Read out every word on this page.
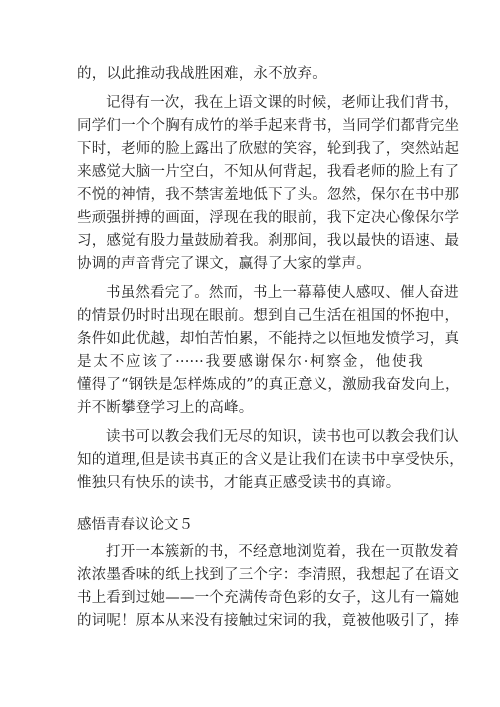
的，以此推动我战胜困难，永不放弃。
记得有一次，我在上语文课的时候，老师让我们背书，
同学们一个个胸有成竹的举手起来背书，当同学们都背完坐
下时，老师的脸上露出了欣慰的笑容，轮到我了，突然站起
来感觉大脑一片空白，不知从何背起，我看老师的脸上有了
不悦的神情，我不禁害羞地低下了头。忽然，保尔在书中那
些顽强拼搏的画面，浮现在我的眼前，我下定决心像保尔学
习，感觉有股力量鼓励着我。刹那间，我以最快的语速、最
协调的声音背完了课文，赢得了大家的掌声。
书虽然看完了。然而，书上一幕幕使人感叹、催人奋进
的情景仍时时出现在眼前。想到自己生活在祖国的怀抱中，
条件如此优越，却怕苦怕累，不能持之以恒地发愤学习，真
是太不应该了······我要感谢保尔·柯察金，他使我
懂得了“钢铁是怎样炼成的”的真正意义，激励我奋发向上，
并不断攀登学习上的高峰。
读书可以教会我们无尽的知识，读书也可以教会我们认
知的道理,但是读书真正的含义是让我们在读书中享受快乐，
惟独只有快乐的读书，才能真正感受读书的真谛。
感悟青春议论文５
打开一本簇新的书，不经意地浏览着，我在一页散发着
浓浓墨香味的纸上找到了三个字：李清照，我想起了在语文
书上看到过她——一个充满传奇色彩的女子，这儿有一篇她
的词呢！原本从来没有接触过宋词的我，竟被他吸引了，捧
